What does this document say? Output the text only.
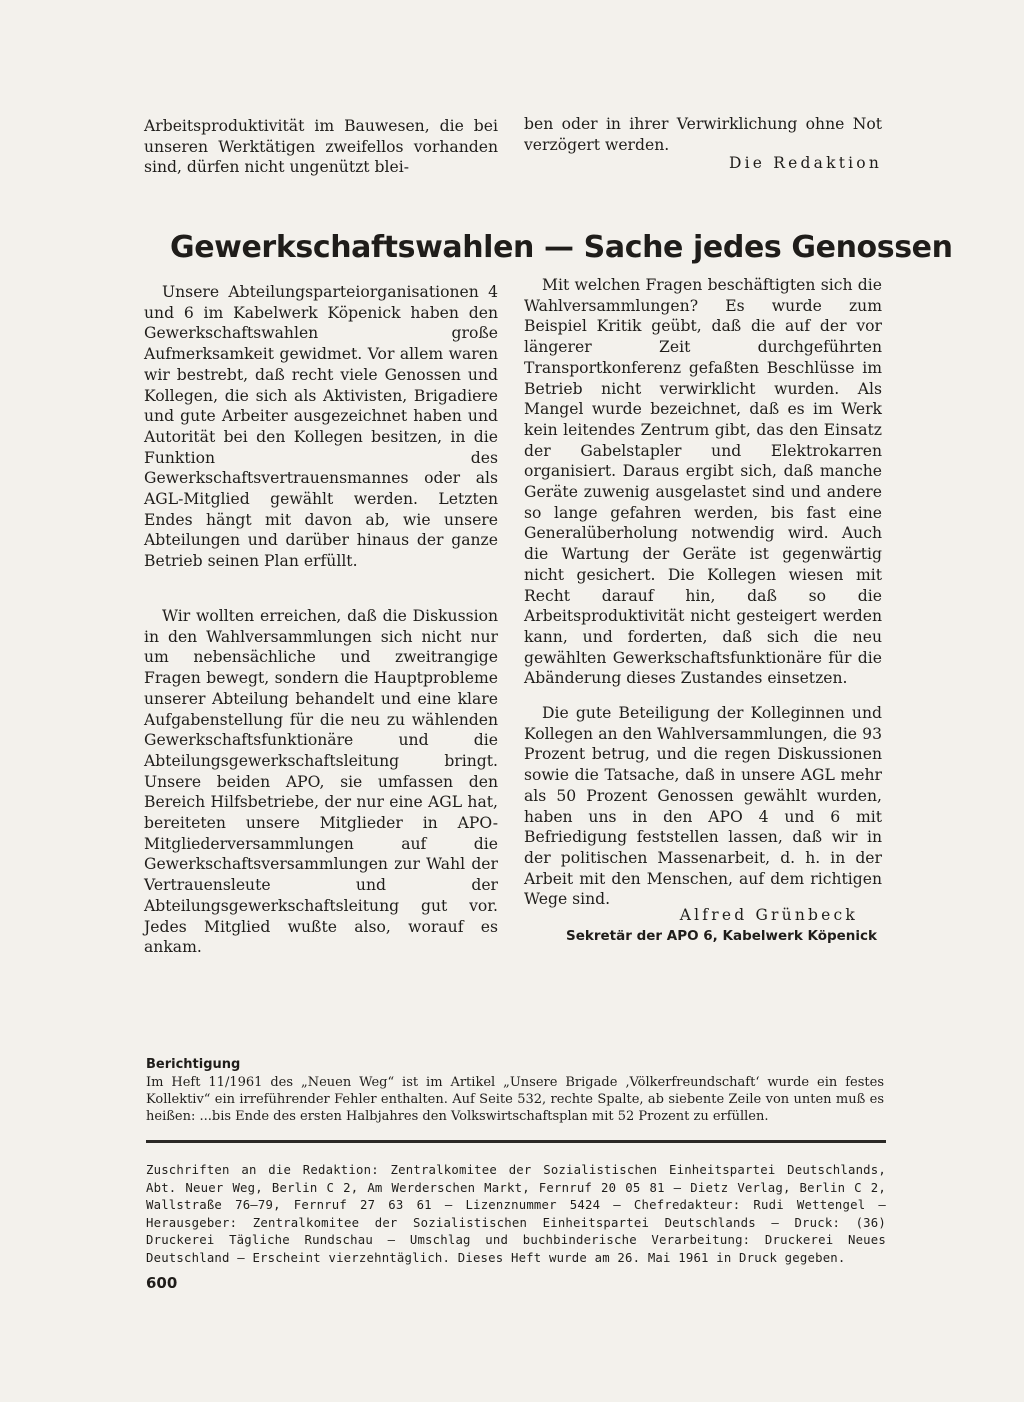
Arbeitsproduktivität im Bauwesen, die bei unseren Werktätigen zweifellos vorhanden sind, dürfen nicht ungenützt blei-

ben oder in ihrer Verwirklichung ohne Not verzögert werden.

Die Redaktion
Gewerkschaftswahlen — Sache jedes Genossen

Unsere Abteilungsparteiorganisationen 4 und 6 im Kabelwerk Köpenick haben den Gewerkschaftswahlen große Aufmerksamkeit gewidmet. Vor allem waren wir bestrebt, daß recht viele Genossen und Kollegen, die sich als Aktivisten, Brigadiere und gute Arbeiter ausgezeichnet haben und Autorität bei den Kollegen besitzen, in die Funktion des Gewerkschaftsvertrauensmannes oder als AGL-Mitglied gewählt werden. Letzten Endes hängt mit davon ab, wie unsere Abteilungen und darüber hinaus der ganze Betrieb seinen Plan erfüllt.

Wir wollten erreichen, daß die Diskussion in den Wahlversammlungen sich nicht nur um nebensächliche und zweitrangige Fragen bewegt, sondern die Hauptprobleme unserer Abteilung behandelt und eine klare Aufgabenstellung für die neu zu wählenden Gewerkschaftsfunktionäre und die Abteilungsgewerkschaftsleitung bringt. Unsere beiden APO, sie umfassen den Bereich Hilfsbetriebe, der nur eine AGL hat, bereiteten unsere Mitglieder in APO-Mitgliederversammlungen auf die Gewerkschaftsversammlungen zur Wahl der Vertrauensleute und der Abteilungsgewerkschaftsleitung gut vor. Jedes Mitglied wußte also, worauf es ankam.

Mit welchen Fragen beschäftigten sich die Wahlversammlungen? Es wurde zum Beispiel Kritik geübt, daß die auf der vor längerer Zeit durchgeführten Transportkonferenz gefaßten Beschlüsse im Betrieb nicht verwirklicht wurden. Als Mangel wurde bezeichnet, daß es im Werk kein leitendes Zentrum gibt, das den Einsatz der Gabelstapler und Elektrokarren organisiert. Daraus ergibt sich, daß manche Geräte zuwenig ausgelastet sind und andere so lange gefahren werden, bis fast eine Generalüberholung notwendig wird. Auch die Wartung der Geräte ist gegenwärtig nicht gesichert. Die Kollegen wiesen mit Recht darauf hin, daß so die Arbeitsproduktivität nicht gesteigert werden kann, und forderten, daß sich die neu gewählten Gewerkschaftsfunktionäre für die Abänderung dieses Zustandes einsetzen.

Die gute Beteiligung der Kolleginnen und Kollegen an den Wahlversammlungen, die 93 Prozent betrug, und die regen Diskussionen sowie die Tatsache, daß in unsere AGL mehr als 50 Prozent Genossen gewählt wurden, haben uns in den APO 4 und 6 mit Befriedigung feststellen lassen, daß wir in der politischen Massenarbeit, d. h. in der Arbeit mit den Menschen, auf dem richtigen Wege sind.

Alfred Grünbeck
Sekretär der APO 6, Kabelwerk Köpenick
Berichtigung

Im Heft 11/1961 des „Neuen Weg“ ist im Artikel „Unsere Brigade ‚Völkerfreundschaft‘ wurde ein festes Kollektiv“ ein irreführender Fehler enthalten. Auf Seite 532, rechte Spalte, ab siebente Zeile von unten muß es heißen: ...bis Ende des ersten Halbjahres den Volkswirtschaftsplan mit 52 Prozent zu erfüllen.

Zuschriften an die Redaktion: Zentralkomitee der Sozialistischen Einheitspartei Deutschlands, Abt. Neuer Weg, Berlin C 2, Am Werderschen Markt, Fernruf 20 05 81 — Dietz Verlag, Berlin C 2, Wallstraße 76—79, Fernruf 27 63 61 — Lizenznummer 5424 — Chefredakteur: Rudi Wettengel — Herausgeber: Zentralkomitee der Sozialistischen Einheitspartei Deutschlands — Druck: (36) Druckerei Tägliche Rundschau — Umschlag und buchbinderische Verarbeitung: Druckerei Neues Deutschland — Erscheint vierzehntäglich. Dieses Heft wurde am 26. Mai 1961 in Druck gegeben.

600
